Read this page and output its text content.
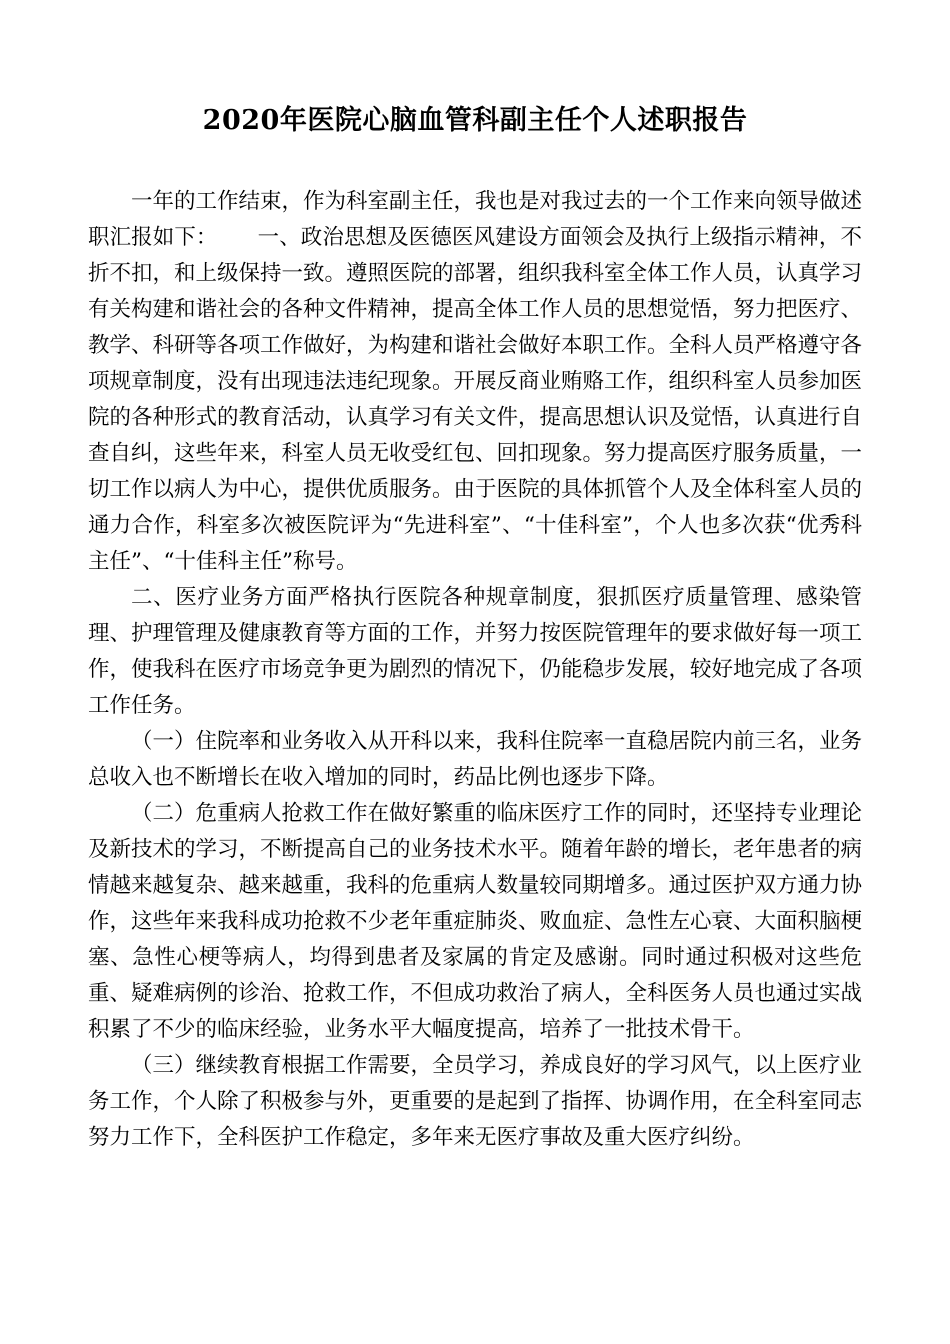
2020年医院心脑血管科副主任个人述职报告

一年的工作结束，作为科室副主任，我也是对我过去的一个工作来向领导做述职汇报如下： 一、政治思想及医德医风建设方面领会及执行上级指示精神，不折不扣，和上级保持一致。遵照医院的部署，组织我科室全体工作人员，认真学习有关构建和谐社会的各种文件精神，提高全体工作人员的思想觉悟，努力把医疗、教学、科研等各项工作做好，为构建和谐社会做好本职工作。全科人员严格遵守各项规章制度，没有出现违法违纪现象。开展反商业贿赂工作，组织科室人员参加医院的各种形式的教育活动，认真学习有关文件，提高思想认识及觉悟，认真进行自查自纠，这些年来，科室人员无收受红包、回扣现象。努力提高医疗服务质量，一切工作以病人为中心，提供优质服务。由于医院的具体抓管个人及全体科室人员的通力合作，科室多次被医院评为“先进科室”、“十佳科室”，个人也多次获“优秀科主任”、“十佳科主任”称号。

二、医疗业务方面严格执行医院各种规章制度，狠抓医疗质量管理、感染管理、护理管理及健康教育等方面的工作，并努力按医院管理年的要求做好每一项工作，使我科在医疗市场竞争更为剧烈的情况下，仍能稳步发展，较好地完成了各项工作任务。

（一）住院率和业务收入从开科以来，我科住院率一直稳居院内前三名，业务总收入也不断增长在收入增加的同时，药品比例也逐步下降。

（二）危重病人抢救工作在做好繁重的临床医疗工作的同时，还坚持专业理论及新技术的学习，不断提高自己的业务技术水平。随着年龄的增长，老年患者的病情越来越复杂、越来越重，我科的危重病人数量较同期增多。通过医护双方通力协作，这些年来我科成功抢救不少老年重症肺炎、败血症、急性左心衰、大面积脑梗塞、急性心梗等病人，均得到患者及家属的肯定及感谢。同时通过积极对这些危重、疑难病例的诊治、抢救工作，不但成功救治了病人，全科医务人员也通过实战积累了不少的临床经验，业务水平大幅度提高，培养了一批技术骨干。

（三）继续教育根据工作需要，全员学习，养成良好的学习风气，以上医疗业务工作，个人除了积极参与外，更重要的是起到了指挥、协调作用，在全科室同志努力工作下，全科医护工作稳定，多年来无医疗事故及重大医疗纠纷。
